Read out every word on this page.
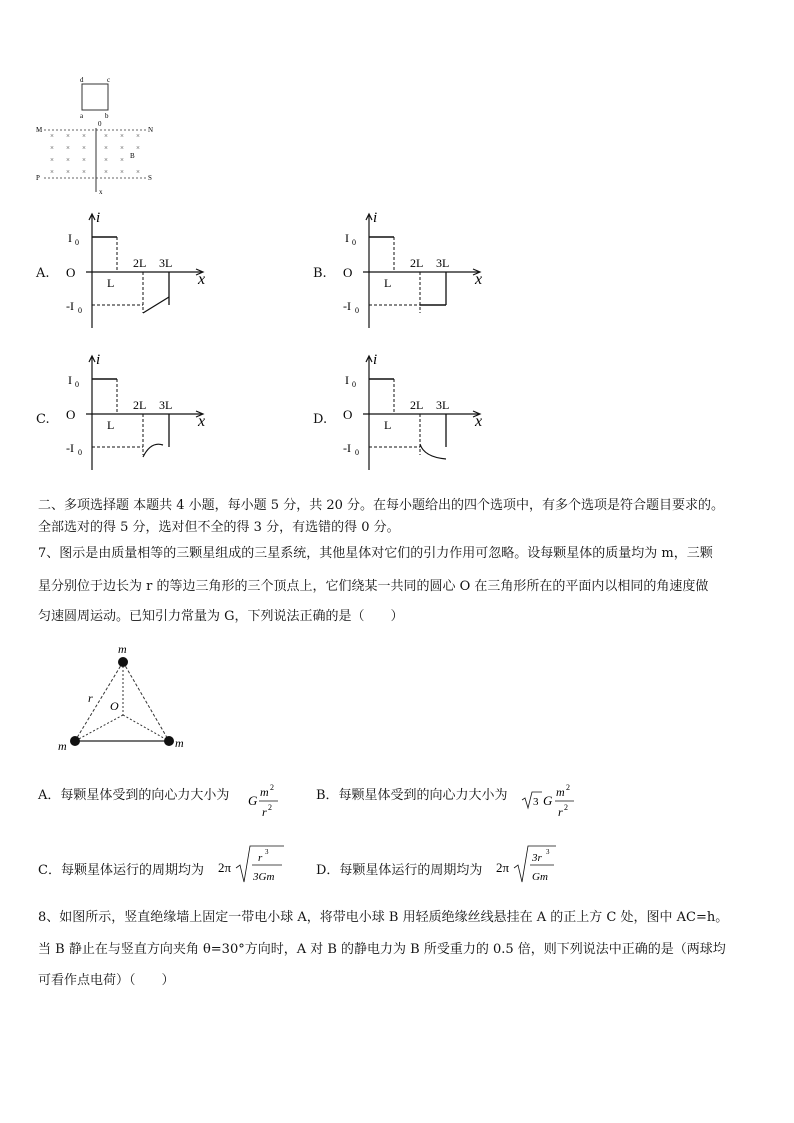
d	c
a	b
0
x
M	N
P	S
B
× × ×	× × ×
× × ×	× × ×
× × ×	× ×
× × ×	× × ×
A.
i
I 0
-I 0
O
L
2L 3L
x	B.
i
I 0
-I 0
O
L
2L 3L
x
C.
i
I 0
-I 0
O
L
2L 3L
x	D.
i
I 0
-I 0
O
L
2L 3L
x
二、多项选择题 本题共 4 小题，每小题 5 分，共 20 分。在每小题给出的四个选项中，有多个选项是符合题目要求的。
全部选对的得 5 分，选对但不全的得 3 分，有选错的得 0 分。
7、图示是由质量相等的三颗星组成的三星系统，其他星体对它们的引力作用可忽略。设每颗星体的质量均为 m，三颗
星分别位于边长为 r 的等边三角形的三个顶点上，它们绕某一共同的圆心 O 在三角形所在的平面内以相同的角速度做
匀速圆周运动。已知引力常量为 G，下列说法正确的是（　　）
m
m	m
r
O
A．每颗星体受到的向心力大小为 G
m 2
r 2
B．每颗星体受到的向心力大小为 3 G
m 2
r 2
C．每颗星体运行的周期均为 2π
r 3
3Gm	D．每颗星体运行的周期均为 2π
3r 3
Gm
8、如图所示，竖直绝缘墙上固定一带电小球 A，将带电小球 B 用轻质绝缘丝线悬挂在 A 的正上方 C 处，图中 AC=h。
当 B 静止在与竖直方向夹角 θ=30°方向时，A 对 B 的静电力为 B 所受重力的 0.5 倍，则下列说法中正确的是（两球均
可看作点电荷）（　　）
